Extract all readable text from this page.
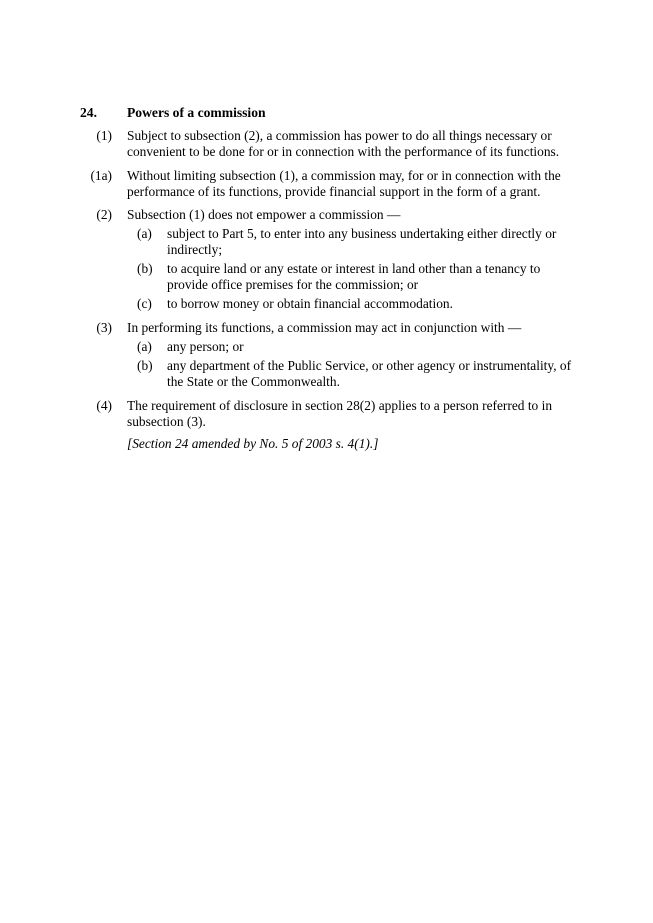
24. Powers of a commission
(1) Subject to subsection (2), a commission has power to do all things necessary or convenient to be done for or in connection with the performance of its functions.
(1a) Without limiting subsection (1), a commission may, for or in connection with the performance of its functions, provide financial support in the form of a grant.
(2) Subsection (1) does not empower a commission —
(a) subject to Part 5, to enter into any business undertaking either directly or indirectly;
(b) to acquire land or any estate or interest in land other than a tenancy to provide office premises for the commission; or
(c) to borrow money or obtain financial accommodation.
(3) In performing its functions, a commission may act in conjunction with —
(a) any person; or
(b) any department of the Public Service, or other agency or instrumentality, of the State or the Commonwealth.
(4) The requirement of disclosure in section 28(2) applies to a person referred to in subsection (3).
[Section 24 amended by No. 5 of 2003 s. 4(1).]
